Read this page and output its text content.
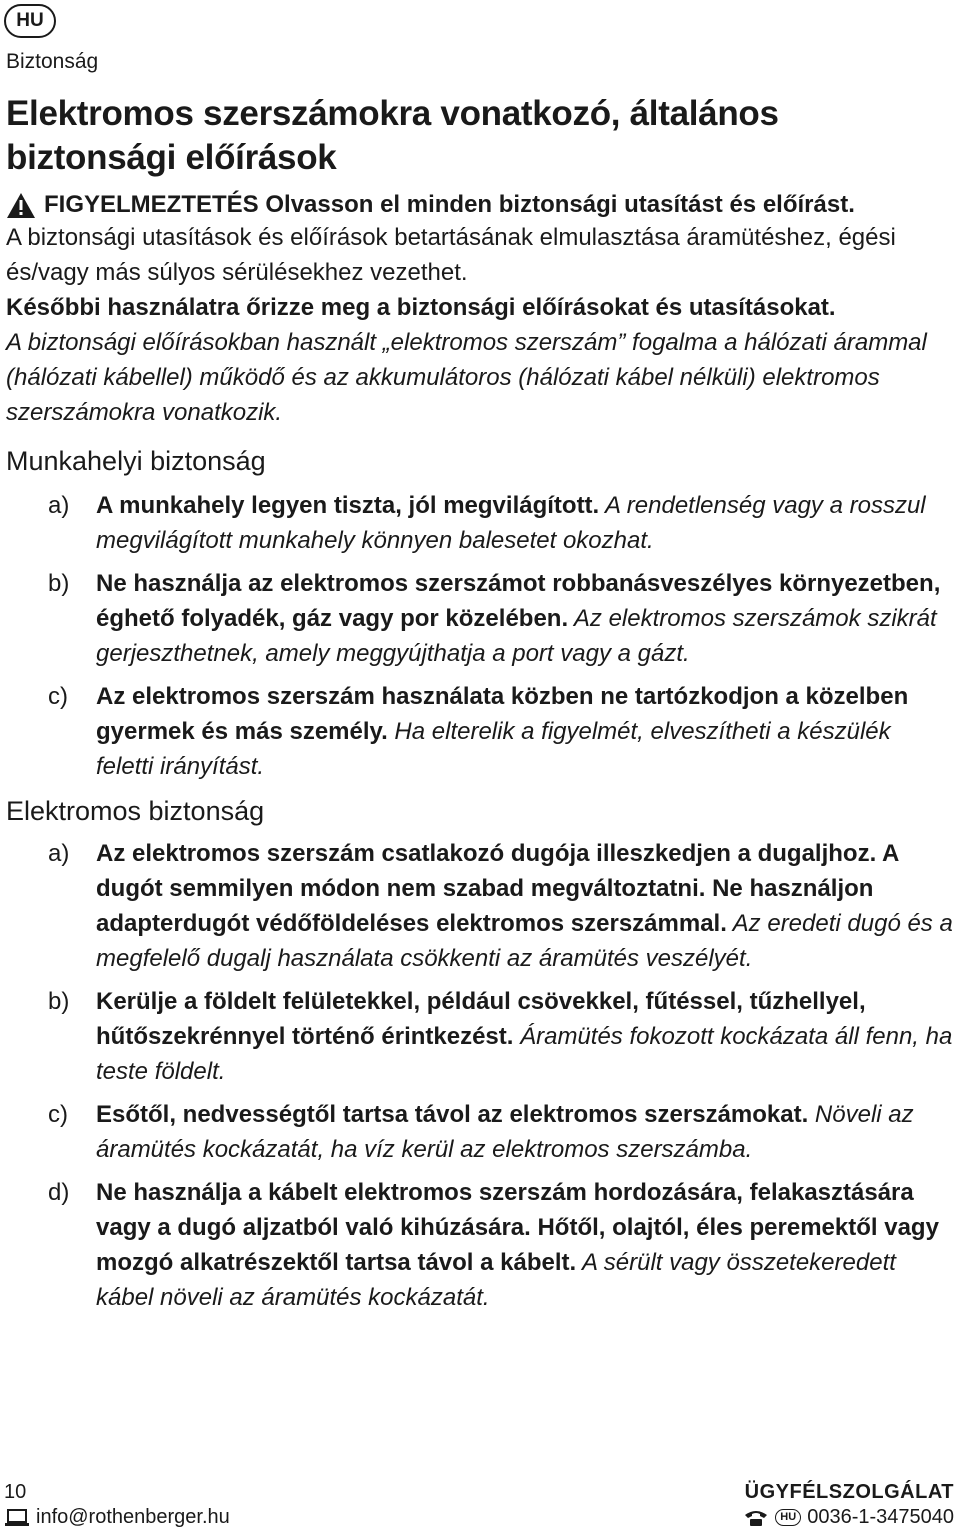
HU
Biztonság
Elektromos szerszámokra vonatkozó, általános biztonsági előírások
FIGYELMEZTETÉS Olvasson el minden biztonsági utasítást és előírást.

A biztonsági utasítások és előírások betartásának elmulasztása áramütéshez, égési és/vagy más súlyos sérülésekhez vezethet.

Későbbi használatra őrizze meg a biztonsági előírásokat és utasításokat.

A biztonsági előírásokban használt „elektromos szerszám” fogalma a hálózati árammal (hálózati kábellel) működő és az akkumulátoros (hálózati kábel nélküli) elektromos szerszámokra vonatkozik.

Munkahelyi biztonság
a)	A munkahely legyen tiszta, jól megvilágított. A rendetlenség vagy a rosszul megvilágított munkahely könnyen balesetet okozhat.
b)	Ne használja az elektromos szerszámot robbanásveszélyes környezetben, éghető folyadék, gáz vagy por közelében. Az elektromos szerszámok szikrát gerjeszthetnek, amely meggyújthatja a port vagy a gázt.
c)	Az elektromos szerszám használata közben ne tartózkodjon a közelben gyermek és más személy. Ha elterelik a figyelmét, elveszítheti a készülék feletti irányítást.
Elektromos biztonság
a)	Az elektromos szerszám csatlakozó dugója illeszkedjen a dugaljhoz. A dugót semmilyen módon nem szabad megváltoztatni. Ne használjon adapterdugót védőföldeléses elektromos szerszámmal. Az eredeti dugó és a megfelelő dugalj használata csökkenti az áramütés veszélyét.
b)	Kerülje a földelt felületekkel, például csövekkel, fűtéssel, tűzhellyel, hűtőszekrénnyel történő érintkezést. Áramütés fokozott kockázata áll fenn, ha teste földelt.
c)	Esőtől, nedvességtől tartsa távol az elektromos szerszámokat. Növeli az áramütés kockázatát, ha víz kerül az elektromos szerszámba.
d)	Ne használja a kábelt elektromos szerszám hordozására, felakasztására vagy a dugó aljzatból való kihúzására. Hőtől, olajtól, éles peremektől vagy mozgó alkatrészektől tartsa távol a kábelt. A sérült vagy összetekeredett kábel növeli az áramütés kockázatát.
10
info@rothenberger.hu
ÜGYFÉLSZOLGÁLAT
HU 0036-1-3475040
